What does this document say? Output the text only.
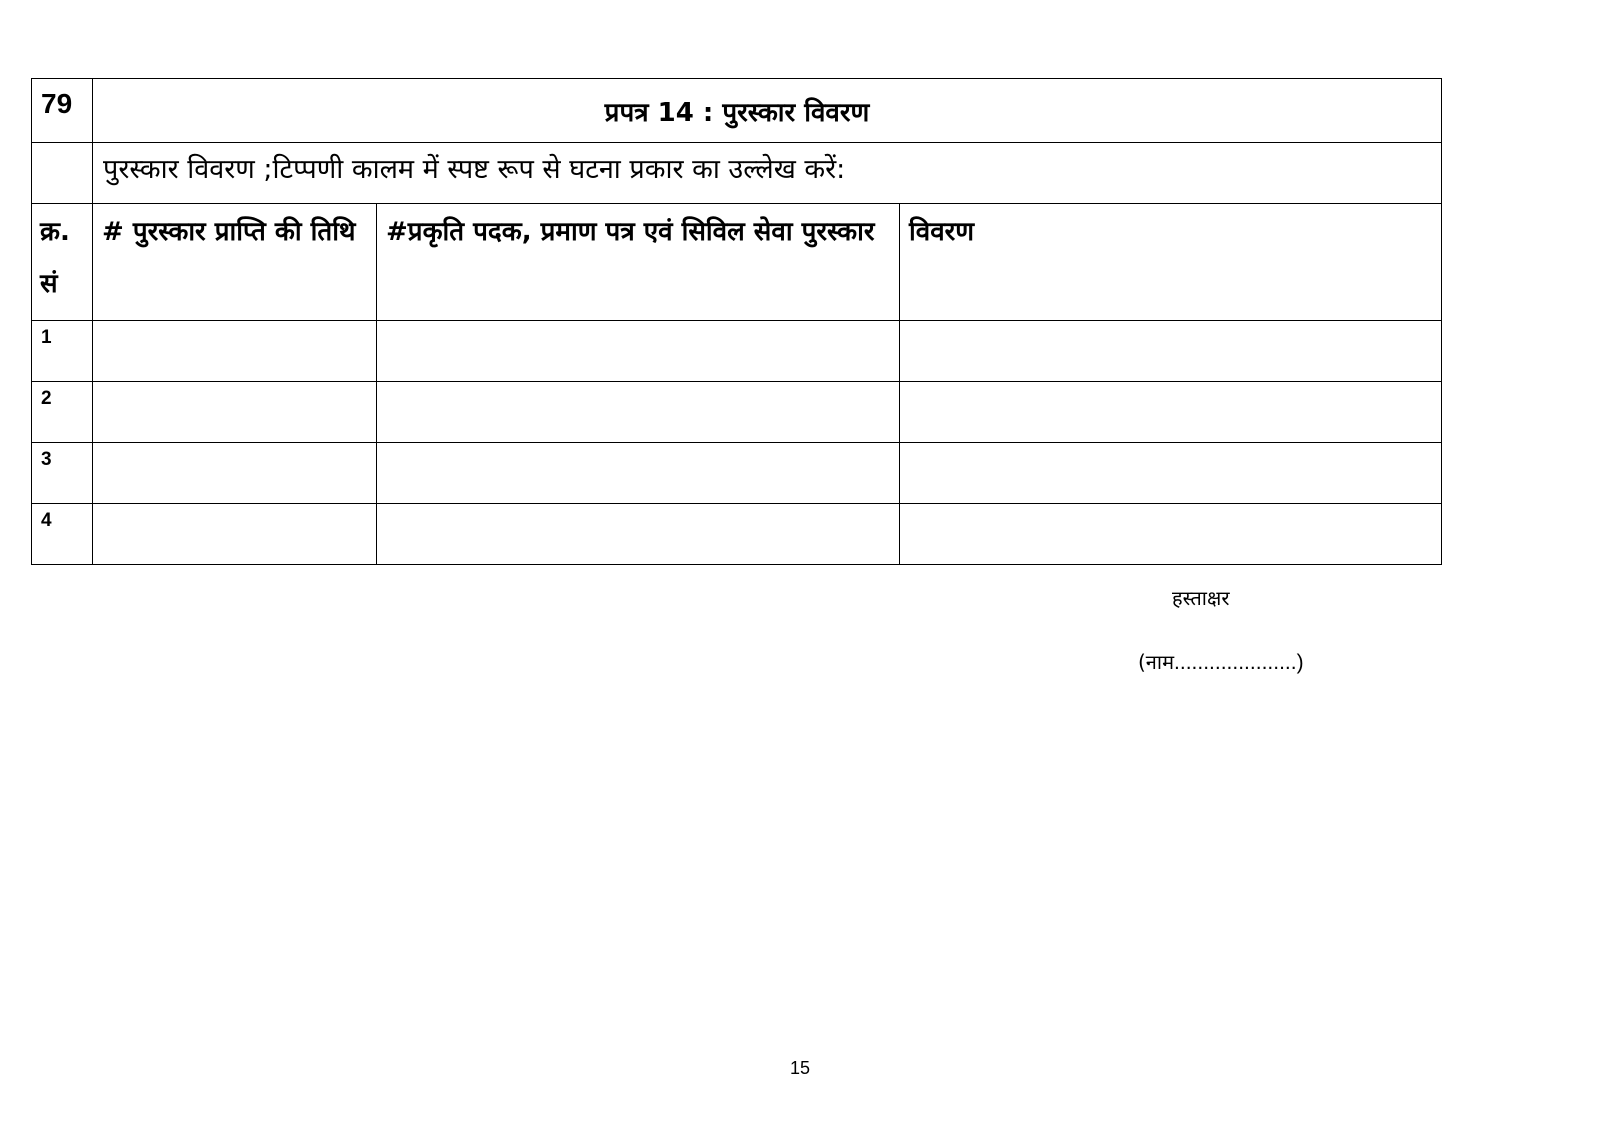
79	प्रपत्र 14 : पुरस्कार विवरण		
	पुरस्कार विवरण ;टिप्पणी कालम में स्पष्ट रूप से घटना प्रकार का उल्लेख करें:		
क्र. सं	# पुरस्कार प्राप्ति की तिथि	#प्रकृति पदक, प्रमाण पत्र एवं सिविल सेवा पुरस्कार	विवरण
1			
2			
3			
4			
हस्ताक्षर
(नाम.....................)
15
